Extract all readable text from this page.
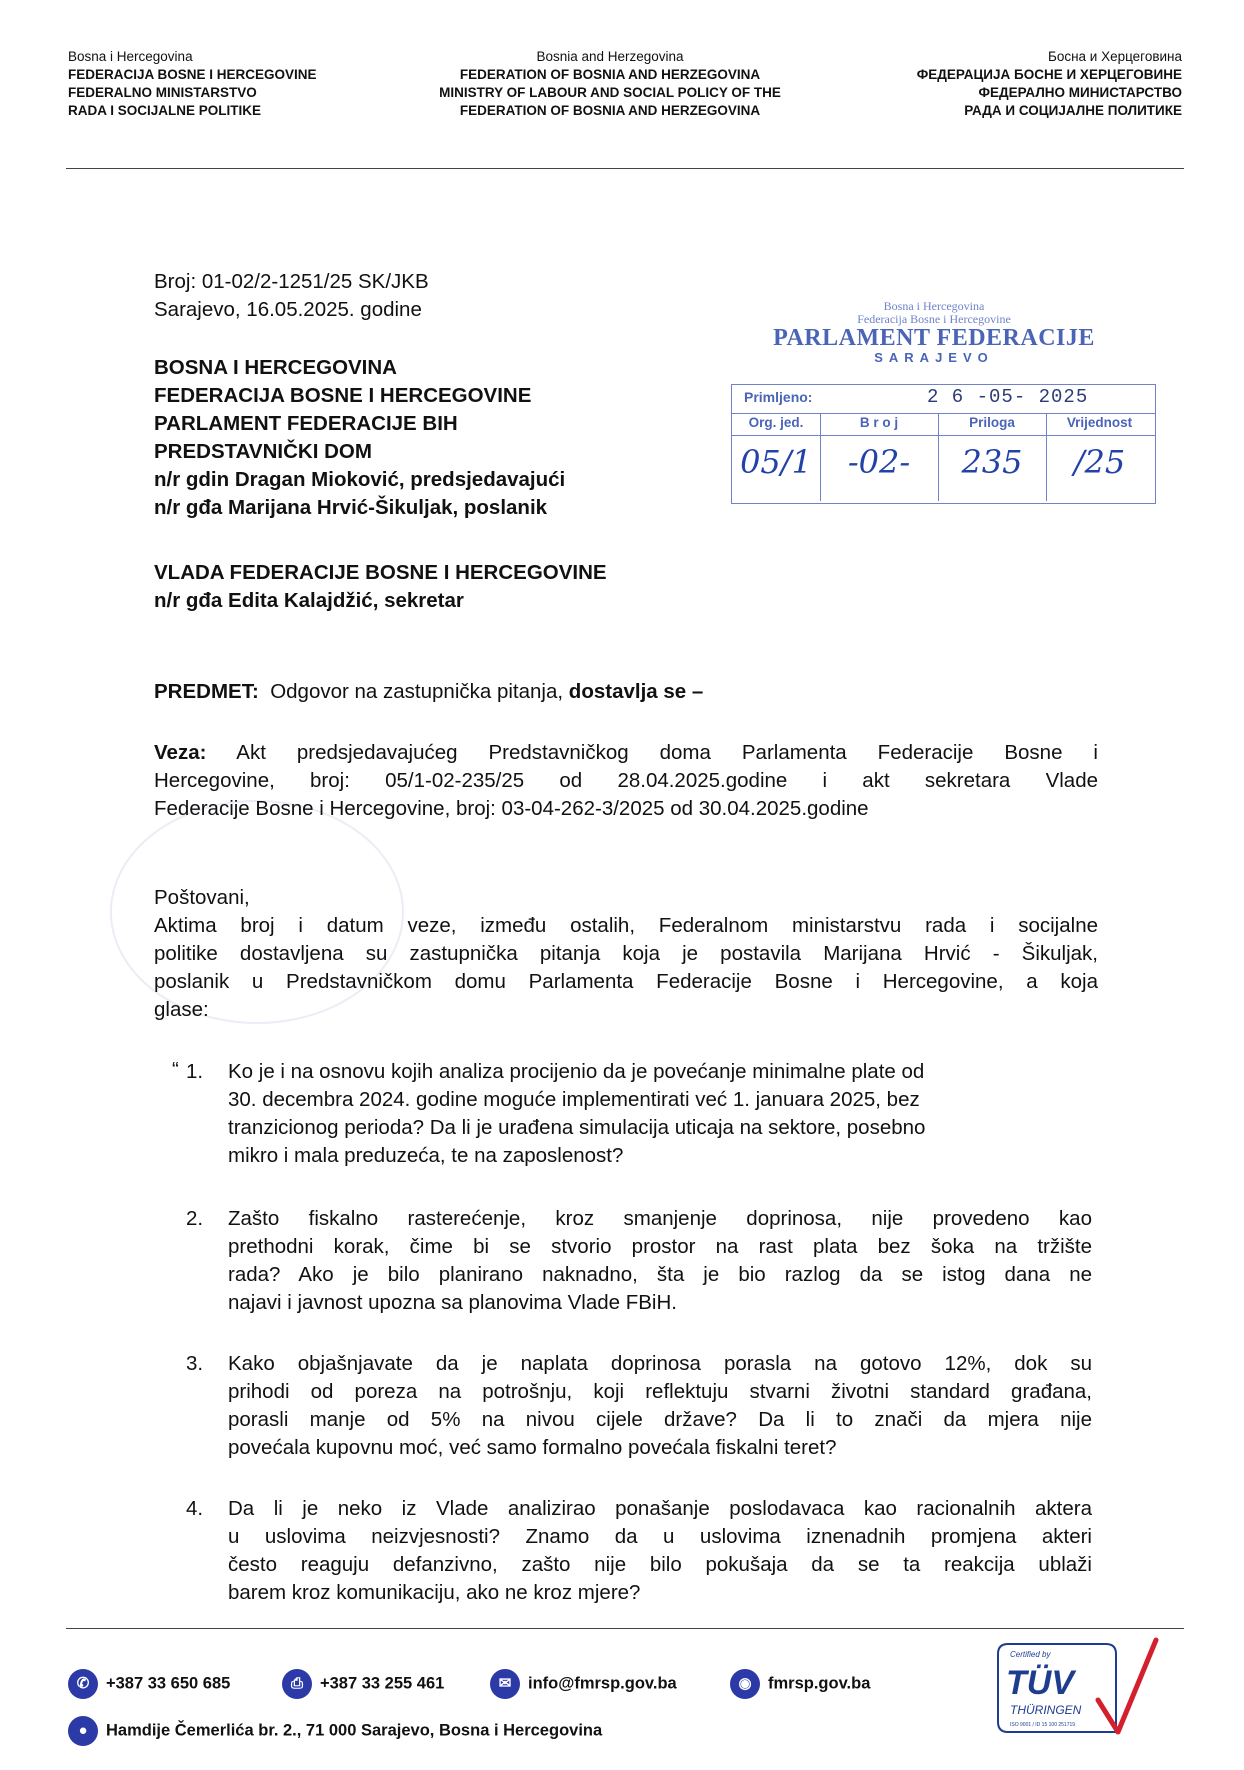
Bosna i Hercegovina
FEDERACIJA BOSNE I HERCEGOVINE
FEDERALNO MINISTARSTVO
RADA I SOCIJALNE POLITIKE
Bosnia and Herzegovina
FEDERATION OF BOSNIA AND HERZEGOVINA
MINISTRY OF LABOUR AND SOCIAL POLICY OF THE
FEDERATION OF BOSNIA AND HERZEGOVINA
Босна и Херцеговина
ФЕДЕРАЦИЈА БОСНЕ И ХЕРЦЕГОВИНЕ
ФЕДЕРАЛНО МИНИСТАРСТВО
РАДА И СОЦИЈАЛНЕ ПОЛИТИКЕ
Broj: 01-02/2-1251/25 SK/JKB
Sarajevo, 16.05.2025. godine
BOSNA I HERCEGOVINA
FEDERACIJA BOSNE I HERCEGOVINE
PARLAMENT FEDERACIJE BIH
PREDSTAVNIČKI DOM
n/r gdin Dragan Mioković, predsjedavajući
n/r gđa Marijana Hrvić-Šikuljak, poslanik
VLADA FEDERACIJE BOSNE I HERCEGOVINE
n/r gđa Edita Kalajdžić, sekretar
Bosna i Hercegovina
Federacija Bosne i Hercegovine
PARLAMENT FEDERACIJE
SARAJEVO
Primljeno:	2 6 -05- 2025
Org. jed.
05/1
B r o j
-02-
Priloga
235
Vrijednost
/25
PREDMET: Odgovor na zastupnička pitanja, dostavlja se –
Veza: Akt predsjedavajućeg Predstavničkog doma Parlamenta Federacije Bosne i
Hercegovine, broj: 05/1-02-235/25 od 28.04.2025.godine i akt sekretara Vlade
Federacije Bosne i Hercegovine, broj: 03-04-262-3/2025 od 30.04.2025.godine
Poštovani,
Aktima broj i datum veze, između ostalih, Federalnom ministarstvu rada i socijalne
politike dostavljena su zastupnička pitanja koja je postavila Marijana Hrvić - Šikuljak,
poslanik u Predstavničkom domu Parlamenta Federacije Bosne i Hercegovine, a koja
glase:
“ 1. Ko je i na osnovu kojih analiza procijenio da je povećanje minimalne plate od
30. decembra 2024. godine moguće implementirati već 1. januara 2025, bez
tranzicionog perioda? Da li je urađena simulacija uticaja na sektore, posebno
mikro i mala preduzeća, te na zaposlenost?
2. Zašto fiskalno rasterećenje, kroz smanjenje doprinosa, nije provedeno kao
prethodni korak, čime bi se stvorio prostor na rast plata bez šoka na tržište
rada? Ako je bilo planirano naknadno, šta je bio razlog da se istog dana ne
najavi i javnost upozna sa planovima Vlade FBiH.
3. Kako objašnjavate da je naplata doprinosa porasla na gotovo 12%, dok su
prihodi od poreza na potrošnju, koji reflektuju stvarni životni standard građana,
porasli manje od 5% na nivou cijele države? Da li to znači da mjera nije
povećala kupovnu moć, već samo formalno povećala fiskalni teret?
4. Da li je neko iz Vlade analizirao ponašanje poslodavaca kao racionalnih aktera
u uslovima neizvjesnosti? Znamo da u uslovima iznenadnih promjena akteri
često reaguju defanzivno, zašto nije bilo pokušaja da se ta reakcija ublaži
barem kroz komunikaciju, ako ne kroz mjere?
✆ +387 33 650 685	⎙ +387 33 255 461	✉ info@fmrsp.gov.ba	◉ fmrsp.gov.ba
● Hamdije Čemerlića br. 2., 71 000 Sarajevo, Bosna i Hercegovina
Certified by
TÜV
THÜRINGEN
ISO 9001 / ID 15 100 251719
